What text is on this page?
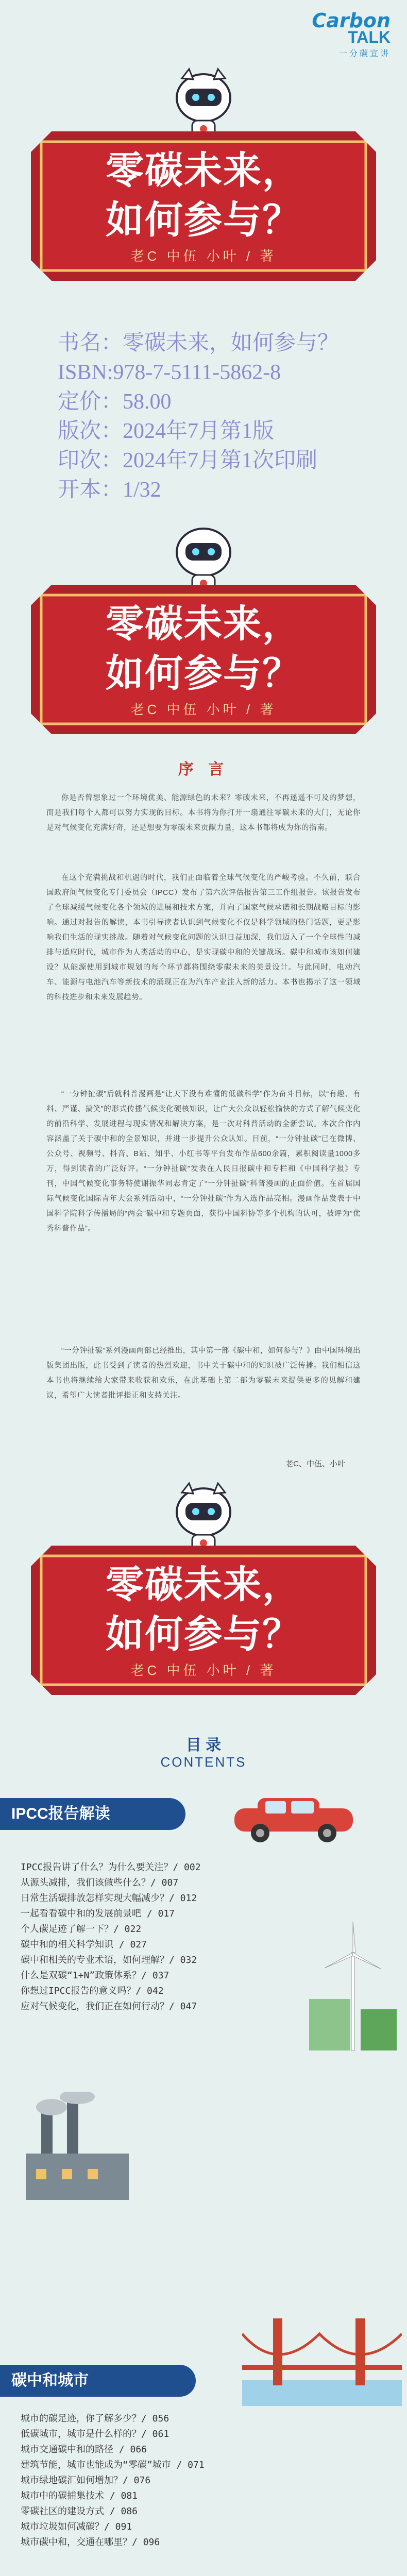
Carbon
TALK
一分碳宣讲
零碳未来，
如何参与？
老C 中伍 小叶 / 著
书名：零碳未来，如何参与？
ISBN:978-7-5111-5862-8
定价：58.00
版次：2024年7月第1版
印次：2024年7月第1次印刷
开本：1/32
零碳未来，
如何参与？
老C 中伍 小叶 / 著
序 言
你是否曾想象过一个环境优美、能源绿色的未来？零碳未来，不再遥遥不可及的梦想，而是我们每个人都可以努力实现的目标。本书将为你打开一扇通往零碳未来的大门，无论你是对气候变化充满好奇，还是想要为零碳未来贡献力量，这本书都将成为你的指南。
在这个充满挑战和机遇的时代，我们正面临着全球气候变化的严峻考验。不久前，联合国政府间气候变化专门委员会（IPCC）发布了第六次评估报告第三工作组报告。该报告发布了全球减缓气候变化各个领域的进展和技术方案，并向了国家气候承诺和长期战略目标的影响。通过对报告的解读，本书引导读者认识到气候变化不仅是科学领域的热门话题，更是影响我们生活的现实挑战。随着对气候变化问题的认识日益加深，我们迈入了一个全球性的减排与适应时代，城市作为人类活动的中心，是实现碳中和的关键战场。碳中和城市该如何建设？从能源使用到城市规划的每个环节都将围绕零碳未来的美景设计。与此同时，电动汽车、能源与电池汽车等新技术的涌现正在为汽车产业注入新的活力。本书也揭示了这一领域的科技进步和未来发展趋势。
“一分钟扯碳”后就科普漫画是“让天下没有难懂的低碳科学”作为奋斗目标，以“有趣、有料、严谨、搞笑”的形式传播气候变化硬核知识，让广大公众以轻松愉快的方式了解气候变化的前沿科学、发展进程与现实情况和解决方案，是一次对科普活动的全新尝试。本次合作内容涵盖了关于碳中和的全景知识，并进一步提升公众认知。目前，“一分钟扯碳”已在微博、公众号、视频号、抖音、B站、知乎、小红书等平台发布作品600余篇，累积阅读量1000多万，得到读者的广泛好评。“一分钟扯碳”发表在人民日报碳中和专栏和《中国科学报》专刊，中国气候变化事务特使谢振华同志肯定了“一分钟扯碳”科普漫画的正面价值。在首届国际气候变化国际青年大会系列活动中，“一分钟扯碳”作为入选作品亮相。漫画作品发表于中国科学院科学传播局的“两会”碳中和专题页面，获得中国科协等多个机构的认可，被评为“优秀科普作品”。
“一分钟扯碳”系列漫画两部已经推出，其中第一部《碳中和，如何参与？》由中国环境出版集团出版，此书受到了读者的热烈欢迎，书中关于碳中和的知识被广泛传播。我们相信这本书也将继续给大家带来收获和欢乐，在此基础上第二部为零碳未来提供更多的见解和建议，希望广大读者批评指正和支持关注。
老C、中伍、小叶
零碳未来，
如何参与？
老C 中伍 小叶 / 著
目 录
CONTENTS
IPCC报告解读
IPCC报告讲了什么？为什么要关注？/ 002
从源头减排，我们该做些什么？/ 007
日常生活碳排放怎样实现大幅减少？/ 012
一起看看碳中和的发展前景吧 / 017
个人碳足迹了解一下？/ 022
碳中和的相关科学知识 / 027
碳中和相关的专业术语，如何理解？/ 032
什么是双碳“1+N”政策体系？/ 037
你想过IPCC报告的意义吗？/ 042
应对气候变化，我们正在如何行动？/ 047
碳中和城市
城市的碳足迹，你了解多少？/ 056
低碳城市，城市是什么样的？/ 061
城市交通碳中和的路径 / 066
建筑节能，城市也能成为“零碳”城市 / 071
城市绿地碳汇如何增加？/ 076
城市中的碳捕集技术 / 081
零碳社区的建设方式 / 086
城市垃圾如何减碳？/ 091
城市碳中和，交通在哪里？/ 096
